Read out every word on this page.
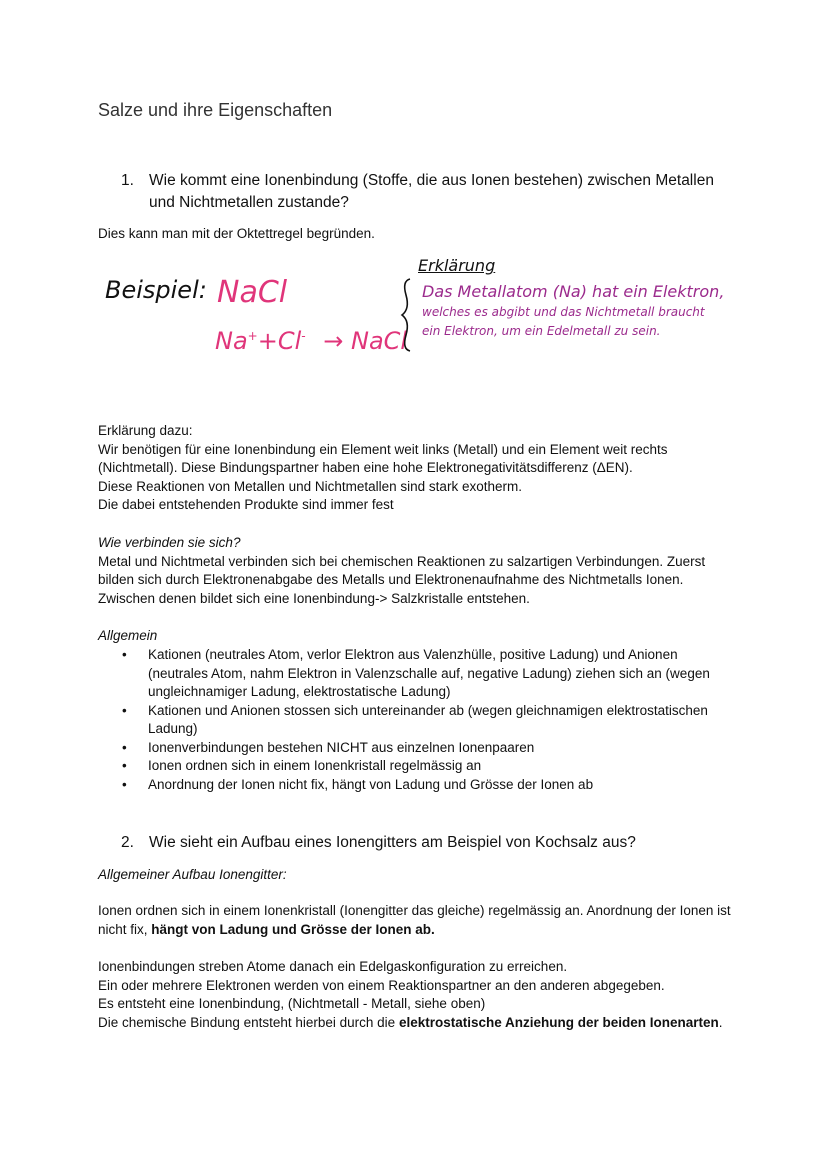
Salze und ihre Eigenschaften

1. Wie kommt eine Ionenbindung (Stoffe, die aus Ionen bestehen) zwischen Metallen und Nichtmetallen zustande?

Dies kann man mit der Oktettregel begründen.

Beispiel: NaCl
Na++Cl- → NaCl
Erklärung
Das Metallatom (Na) hat ein Elektron,
welches es abgibt und das Nichtmetall braucht
ein Elektron, um ein Edelmetall zu sein.
Erklärung dazu:
Wir benötigen für eine Ionenbindung ein Element weit links (Metall) und ein Element weit rechts (Nichtmetall). Diese Bindungspartner haben eine hohe Elektronegativitätsdifferenz (ΔEN).
Diese Reaktionen von Metallen und Nichtmetallen sind stark exotherm.
Die dabei entstehenden Produkte sind immer fest
Wie verbinden sie sich?
Metal und Nichtmetal verbinden sich bei chemischen Reaktionen zu salzartigen Verbindungen. Zuerst bilden sich durch Elektronenabgabe des Metalls und Elektronenaufnahme des Nichtmetalls Ionen. Zwischen denen bildet sich eine Ionenbindung-> Salzkristalle entstehen.
Allgemein
• Kationen (neutrales Atom, verlor Elektron aus Valenzhülle, positive Ladung) und Anionen (neutrales Atom, nahm Elektron in Valenzschalle auf, negative Ladung) ziehen sich an (wegen ungleichnamiger Ladung, elektrostatische Ladung)
• Kationen und Anionen stossen sich untereinander ab (wegen gleichnamigen elektrostatischen Ladung)
• Ionenverbindungen bestehen NICHT aus einzelnen Ionenpaaren
• Ionen ordnen sich in einem Ionenkristall regelmässig an
• Anordnung der Ionen nicht fix, hängt von Ladung und Grösse der Ionen ab

2. Wie sieht ein Aufbau eines Ionengitters am Beispiel von Kochsalz aus?

Allgemeiner Aufbau Ionengitter:
Ionen ordnen sich in einem Ionenkristall (Ionengitter das gleiche) regelmässig an. Anordnung der Ionen ist nicht fix, hängt von Ladung und Grösse der Ionen ab.
Ionenbindungen streben Atome danach ein Edelgaskonfiguration zu erreichen.
Ein oder mehrere Elektronen werden von einem Reaktionspartner an den anderen abgegeben.
Es entsteht eine Ionenbindung, (Nichtmetall - Metall, siehe oben)
Die chemische Bindung entsteht hierbei durch die elektrostatische Anziehung der beiden Ionenarten.
